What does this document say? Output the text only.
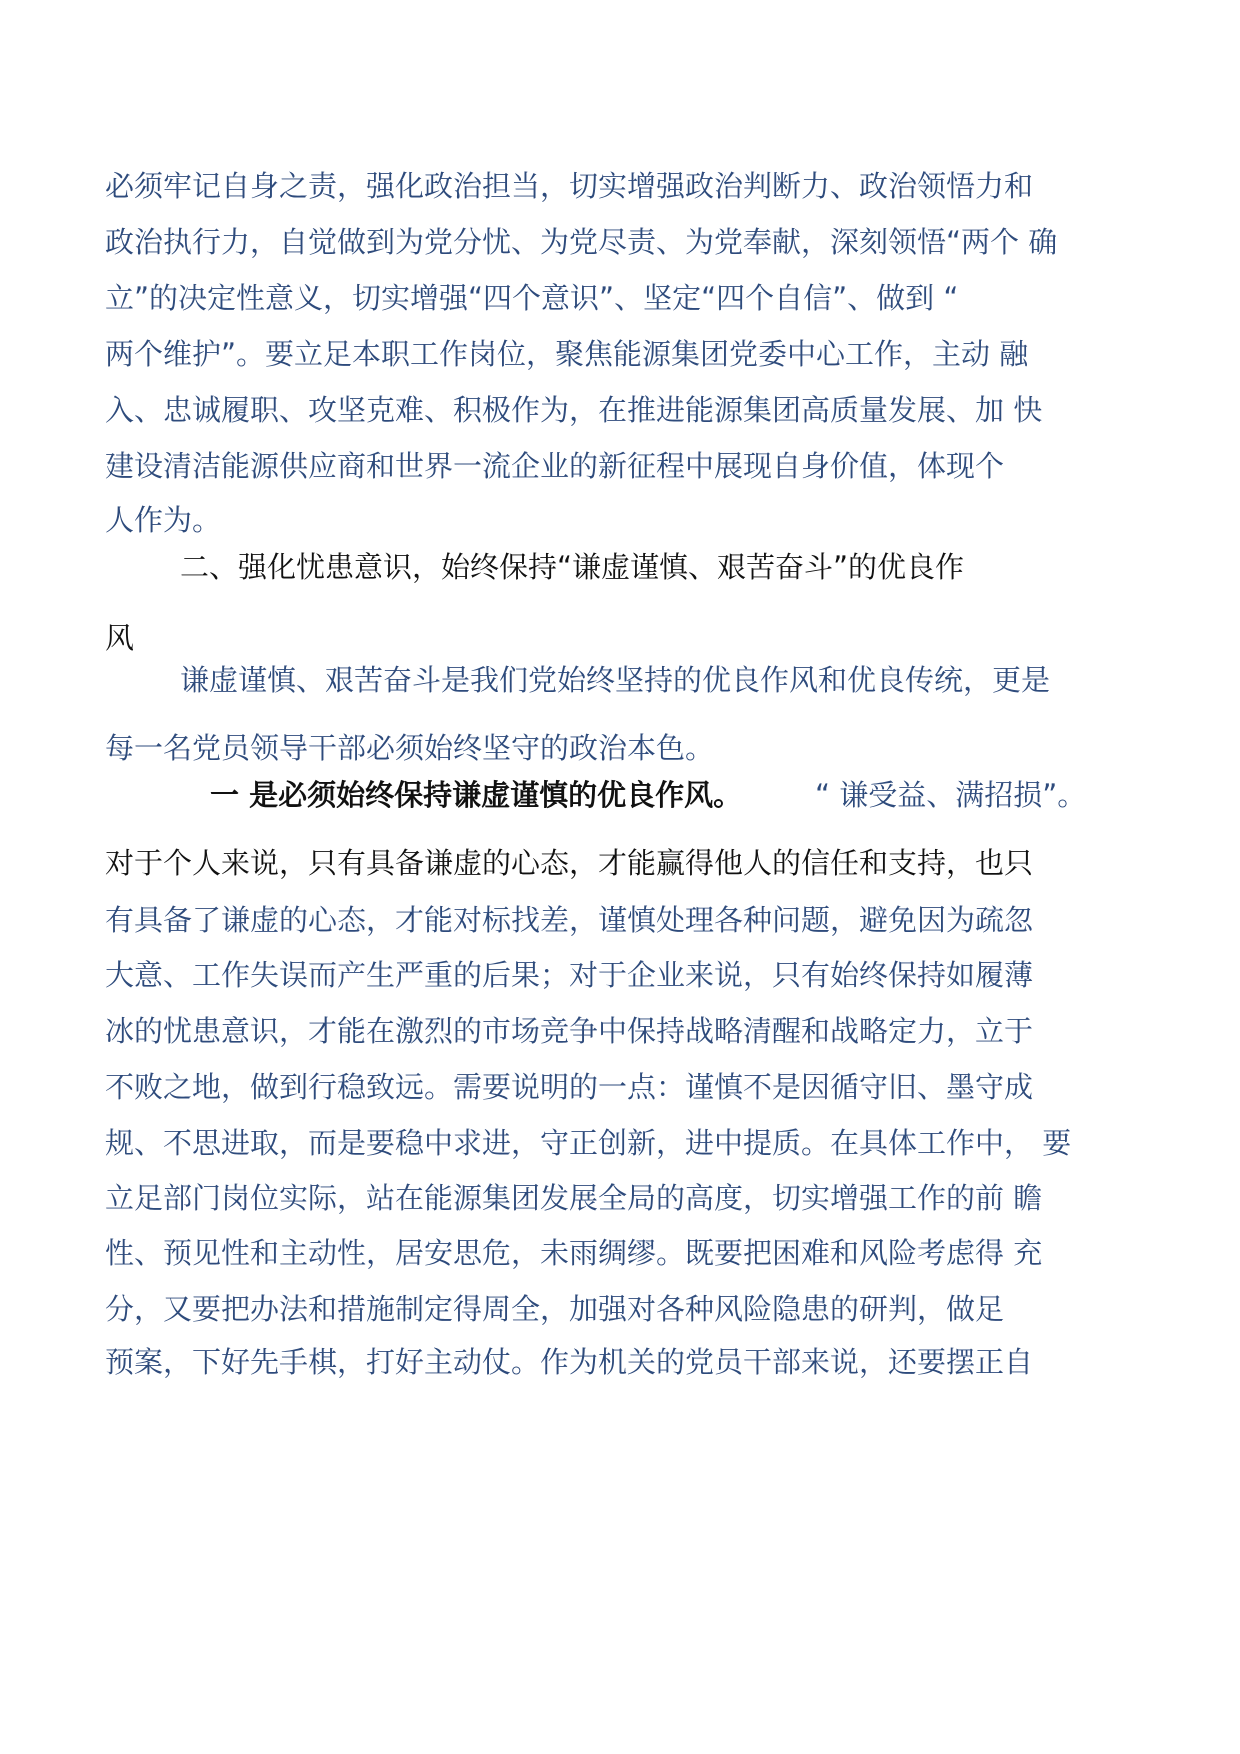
必须牢记自身之责，强化政治担当，切实增强政治判断力、政治领悟力和
政治执行力，自觉做到为党分忧、为党尽责、为党奉献，深刻领悟“两个 确
立”的决定性意义，切实增强“四个意识”、坚定“四个自信”、做到 “
两个维护”。要立足本职工作岗位，聚焦能源集团党委中心工作，主动 融
入、忠诚履职、攻坚克难、积极作为，在推进能源集团高质量发展、加 快
建设清洁能源供应商和世界一流企业的新征程中展现自身价值，体现个
人作为。
二、强化忧患意识，始终保持“谦虚谨慎、艰苦奋斗”的优良作
风
谦虚谨慎、艰苦奋斗是我们党始终坚持的优良作风和优良传统，更是
每一名党员领导干部必须始终坚守的政治本色。
一 是必须始终保持谦虚谨慎的优良作风。	“ 谦受益、满招损”。
对于个人来说，只有具备谦虚的心态，才能赢得他人的信任和支持，也只
有具备了谦虚的心态，才能对标找差，谨慎处理各种问题，避免因为疏忽
大意、工作失误而产生严重的后果；对于企业来说，只有始终保持如履薄
冰的忧患意识，才能在激烈的市场竞争中保持战略清醒和战略定力，立于
不败之地，做到行稳致远。需要说明的一点：谨慎不是因循守旧、墨守成
规、不思进取，而是要稳中求进，守正创新，进中提质。在具体工作中， 要
立足部门岗位实际，站在能源集团发展全局的高度，切实增强工作的前 瞻
性、预见性和主动性，居安思危，未雨绸缪。既要把困难和风险考虑得 充
分，又要把办法和措施制定得周全，加强对各种风险隐患的研判，做足
预案，下好先手棋，打好主动仗。作为机关的党员干部来说，还要摆正自
